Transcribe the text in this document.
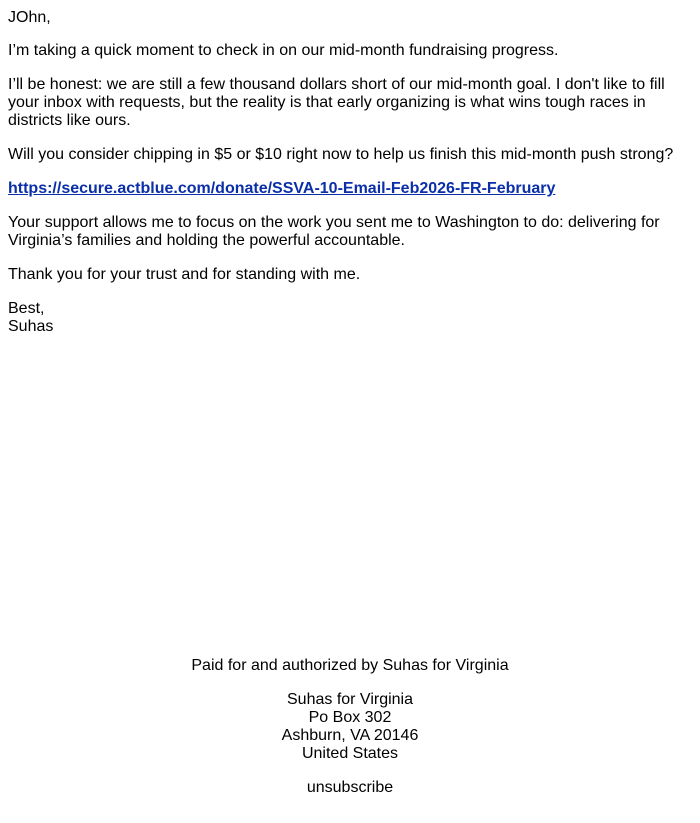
JOhn,

I’m taking a quick moment to check in on our mid-month fundraising progress.

I’ll be honest: we are still a few thousand dollars short of our mid-month goal. I don't like to fill your inbox with requests, but the reality is that early organizing is what wins tough races in districts like ours.

Will you consider chipping in $5 or $10 right now to help us finish this mid-month push strong?

https://secure.actblue.com/donate/SSVA-10-Email-Feb2026-FR-February

Your support allows me to focus on the work you sent me to Washington to do: delivering for Virginia’s families and holding the powerful accountable.

Thank you for your trust and for standing with me.

Best,
Suhas

Paid for and authorized by Suhas for Virginia

Suhas for Virginia
Po Box 302
Ashburn, VA 20146
United States

unsubscribe
